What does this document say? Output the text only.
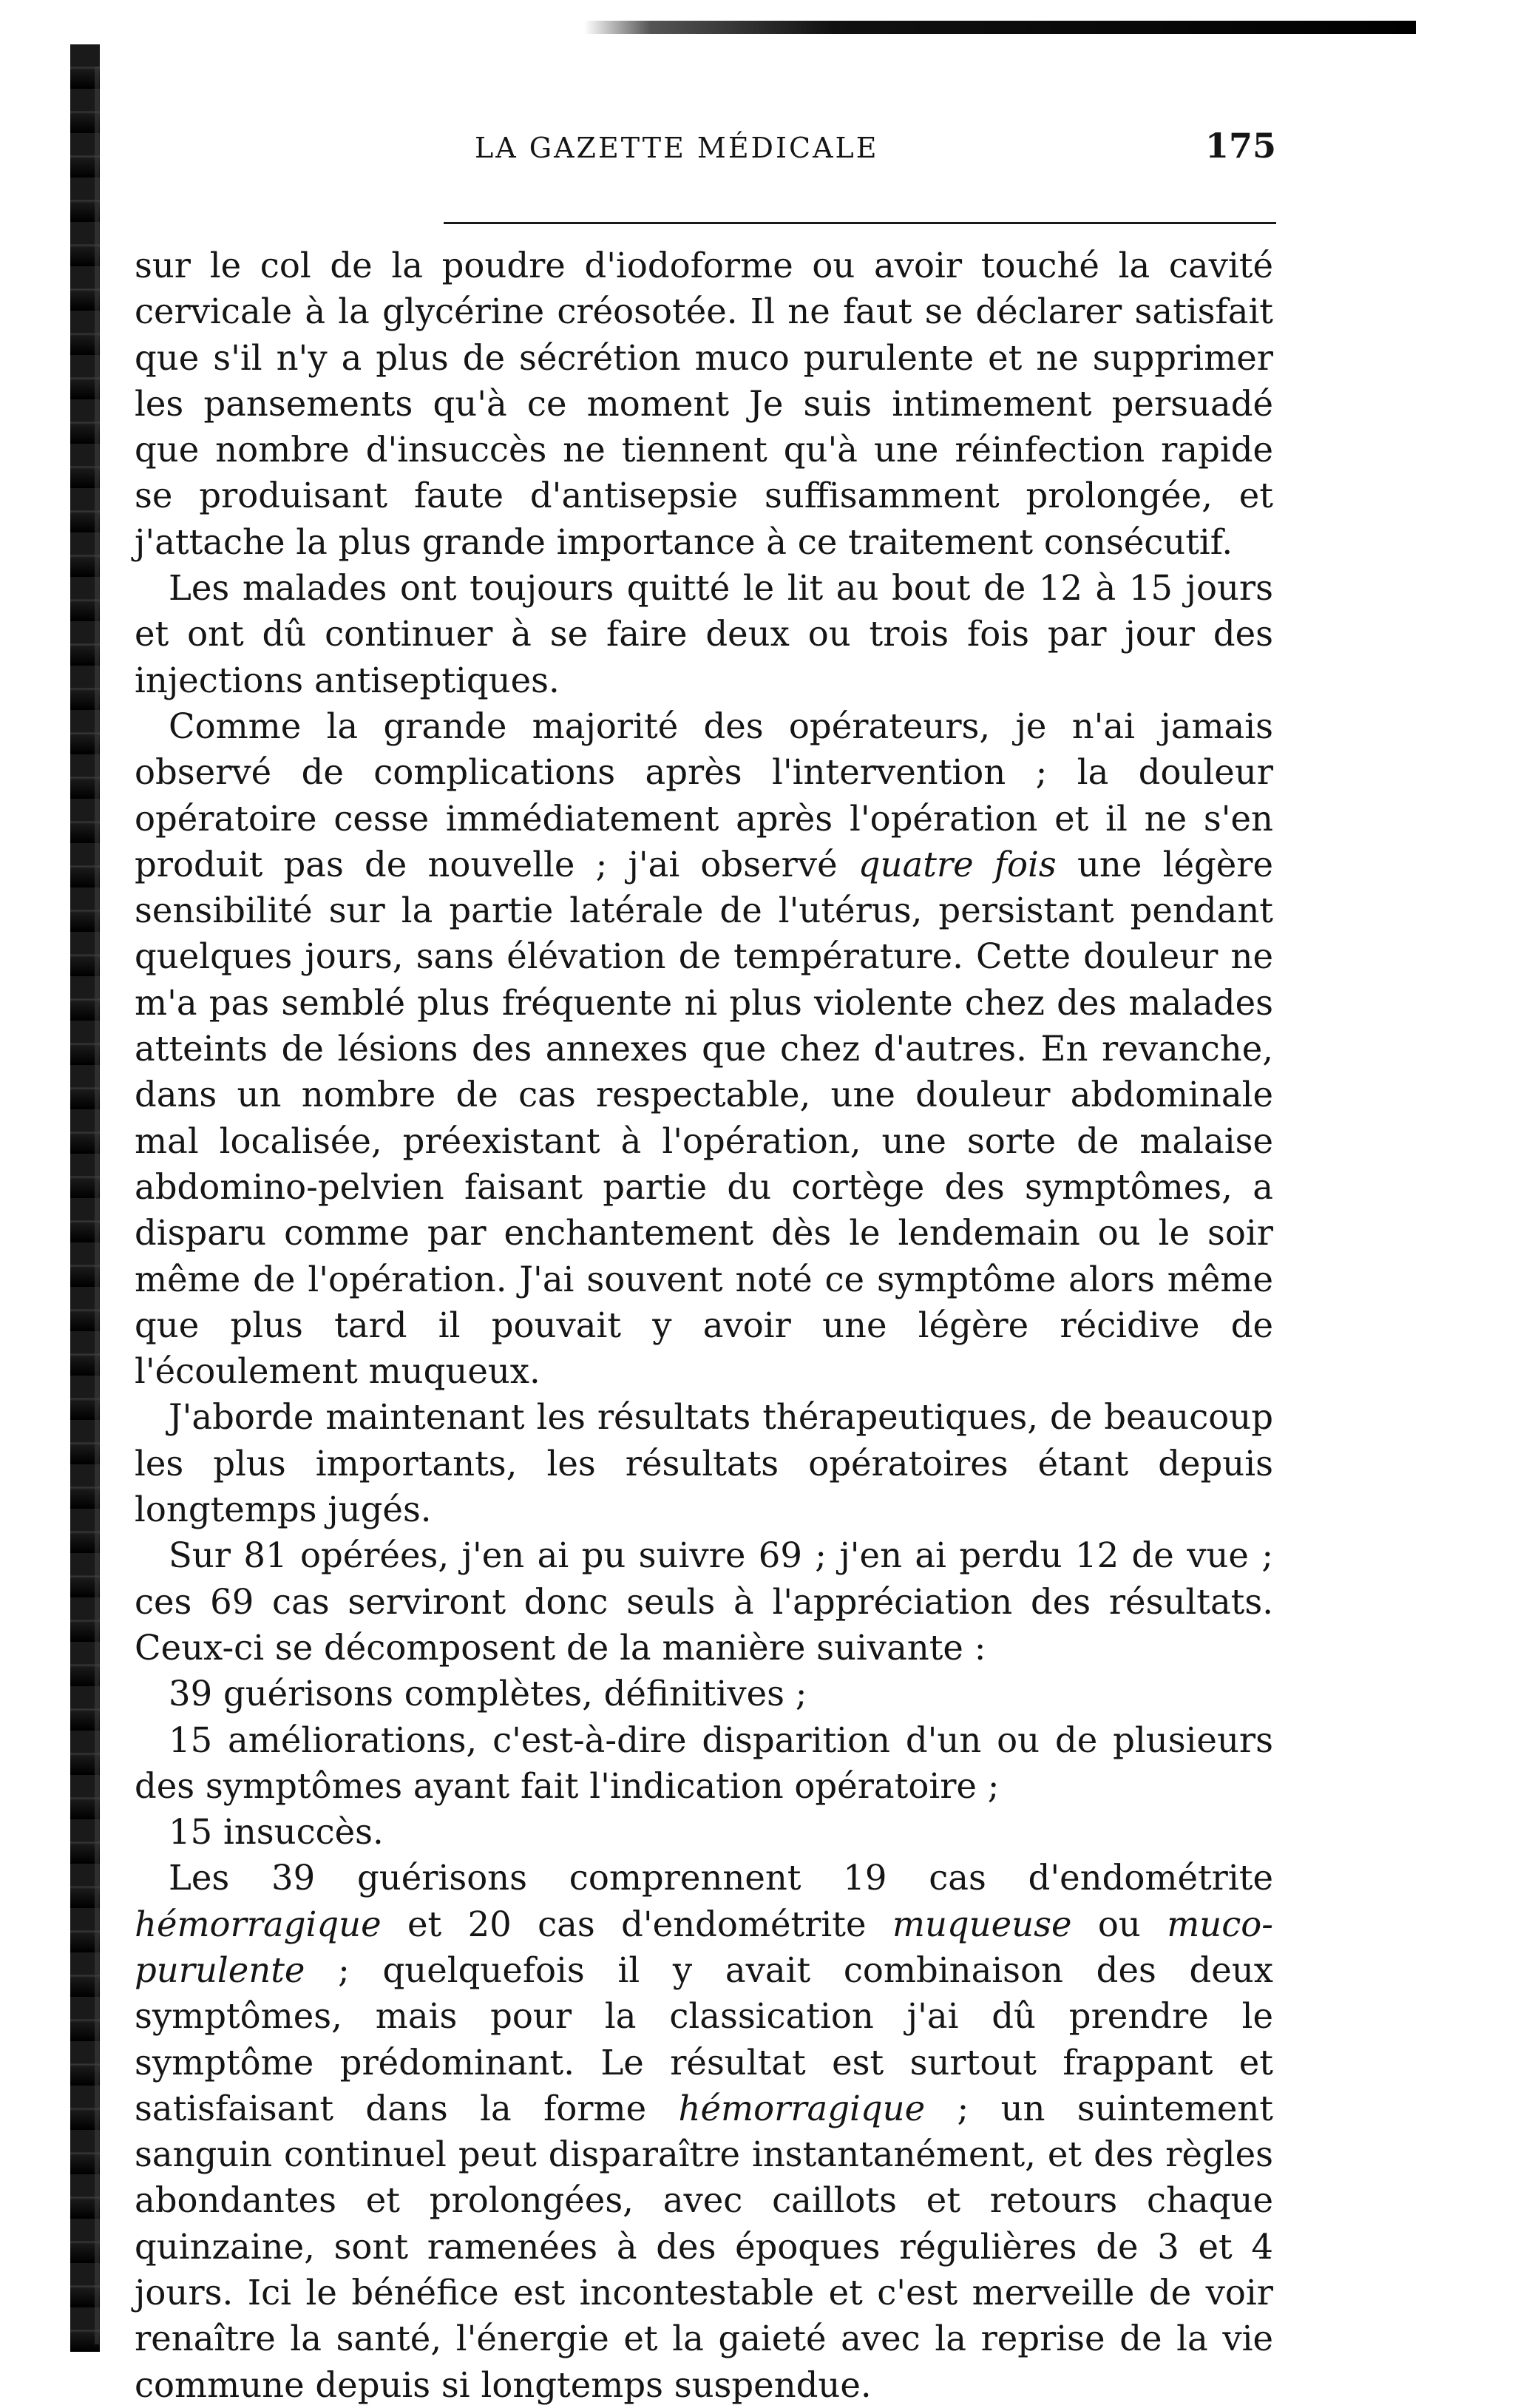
LA GAZETTE MÉDICALE	175

sur le col de la poudre d'iodoforme ou avoir touché la cavité cervicale à la glycérine créosotée. Il ne faut se déclarer satisfait que s'il n'y a plus de sécrétion muco purulente et ne supprimer les pansements qu'à ce moment Je suis intimement persuadé que nombre d'insuccès ne tiennent qu'à une réinfection rapide se produisant faute d'antisepsie suffisamment prolongée, et j'attache la plus grande importance à ce traitement consécutif.

Les malades ont toujours quitté le lit au bout de 12 à 15 jours et ont dû continuer à se faire deux ou trois fois par jour des injections antiseptiques.

Comme la grande majorité des opérateurs, je n'ai jamais observé de complications après l'intervention ; la douleur opératoire cesse immédiatement après l'opération et il ne s'en produit pas de nouvelle ; j'ai observé quatre fois une légère sensibilité sur la partie latérale de l'utérus, persistant pendant quelques jours, sans élévation de température. Cette douleur ne m'a pas semblé plus fréquente ni plus violente chez des malades atteints de lésions des annexes que chez d'autres. En revanche, dans un nombre de cas respectable, une douleur abdominale mal localisée, préexistant à l'opération, une sorte de malaise abdomino-pelvien faisant partie du cortège des symptômes, a disparu comme par enchantement dès le lendemain ou le soir même de l'opération. J'ai souvent noté ce symptôme alors même que plus tard il pouvait y avoir une légère récidive de l'écoulement muqueux.

J'aborde maintenant les résultats thérapeutiques, de beaucoup les plus importants, les résultats opératoires étant depuis longtemps jugés.

Sur 81 opérées, j'en ai pu suivre 69 ; j'en ai perdu 12 de vue ; ces 69 cas serviront donc seuls à l'appréciation des résultats. Ceux-ci se décomposent de la manière suivante :

39 guérisons complètes, définitives ;

15 améliorations, c'est-à-dire disparition d'un ou de plusieurs des symptômes ayant fait l'indication opératoire ;

15 insuccès.

Les 39 guérisons comprennent 19 cas d'endométrite hémorragique et 20 cas d'endométrite muqueuse ou muco-purulente ; quelquefois il y avait combinaison des deux symptômes, mais pour la classication j'ai dû prendre le symptôme prédominant. Le résultat est surtout frappant et satisfaisant dans la forme hémorragique ; un suintement sanguin continuel peut disparaître instantanément, et des règles abondantes et prolongées, avec caillots et retours chaque quinzaine, sont ramenées à des époques régulières de 3 et 4 jours. Ici le bénéfice est incontestable et c'est merveille de voir renaître la santé, l'énergie et la gaieté avec la reprise de la vie commune depuis si longtemps suspendue.
